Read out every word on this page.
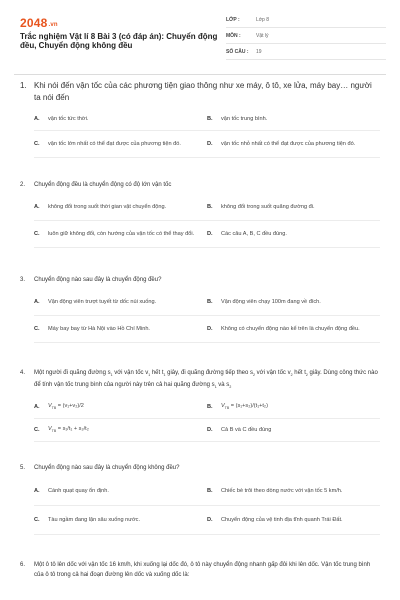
2048.vn
Trắc nghiệm Vật lí 8 Bài 3 (có đáp án): Chuyển động đều, Chuyển động không đều
LỚP :	Lớp 8
MÔN :	Vật lý
SỐ CÂU :	19
1. Khi nói đến vận tốc của các phương tiện giao thông như xe máy, ô tô, xe lửa, máy bay… người ta nói đến
A.	vận tốc tức thời.	B.	vận tốc trung bình.
C.	vận tốc lớn nhất có thể đạt được của phương tiện đó.	D.	vận tốc nhỏ nhất có thể đạt được của phương tiện đó.
2.	Chuyển động đều là chuyển động có độ lớn vận tốc
A.	không đổi trong suốt thời gian vật chuyển động.	B.	không đổi trong suốt quãng đường đi.
C.	luôn giữ không đổi, còn hướng của vận tốc có thể thay đổi.	D.	Các câu A, B, C đều đúng.
3.	Chuyển động nào sau đây là chuyển động đều?
A.	Vận động viên trượt tuyết từ dốc núi xuống.	B.	Vận động viên chạy 100m đang về đích.
C.	Máy bay bay từ Hà Nội vào Hồ Chí Minh.	D.	Không có chuyển động nào kể trên là chuyển động đều.
4.	Một người đi quãng đường $s_1$ với vận tốc $v_1$ hết $t_1$ giây, đi quãng đường tiếp theo $s_2$ với vận tốc $v_2$ hết $t_2$ giây. Dùng công thức nào để tính vận tốc trung bình của người này trên cả hai quãng đường $s_1$ và $s_2$
A.	$V_{TB} = (v_1+v_2)/2$	B.	$V_{TB} = (s_1+s_2)/(t_1+t_2)$
C.	$V_{TB} = s_1/t_1 + s_2/t_2$	D.	Cả B và C đều đúng
5.	Chuyển động nào sau đây là chuyển động không đều?
A.	Cánh quạt quay ổn định.	B.	Chiếc bè trôi theo dòng nước với vận tốc 5 km/h.
C.	Tàu ngầm đang lặn sâu xuống nước.	D.	Chuyển động của vệ tinh địa tĩnh quanh Trái Đất.
6.	Một ô tô lên dốc với vận tốc 16 km/h, khi xuống lại dốc đó, ô tô này chuyển động nhanh gấp đôi khi lên dốc. Vận tốc trung bình của ô tô trong cả hai đoạn đường lên dốc và xuống dốc là:
